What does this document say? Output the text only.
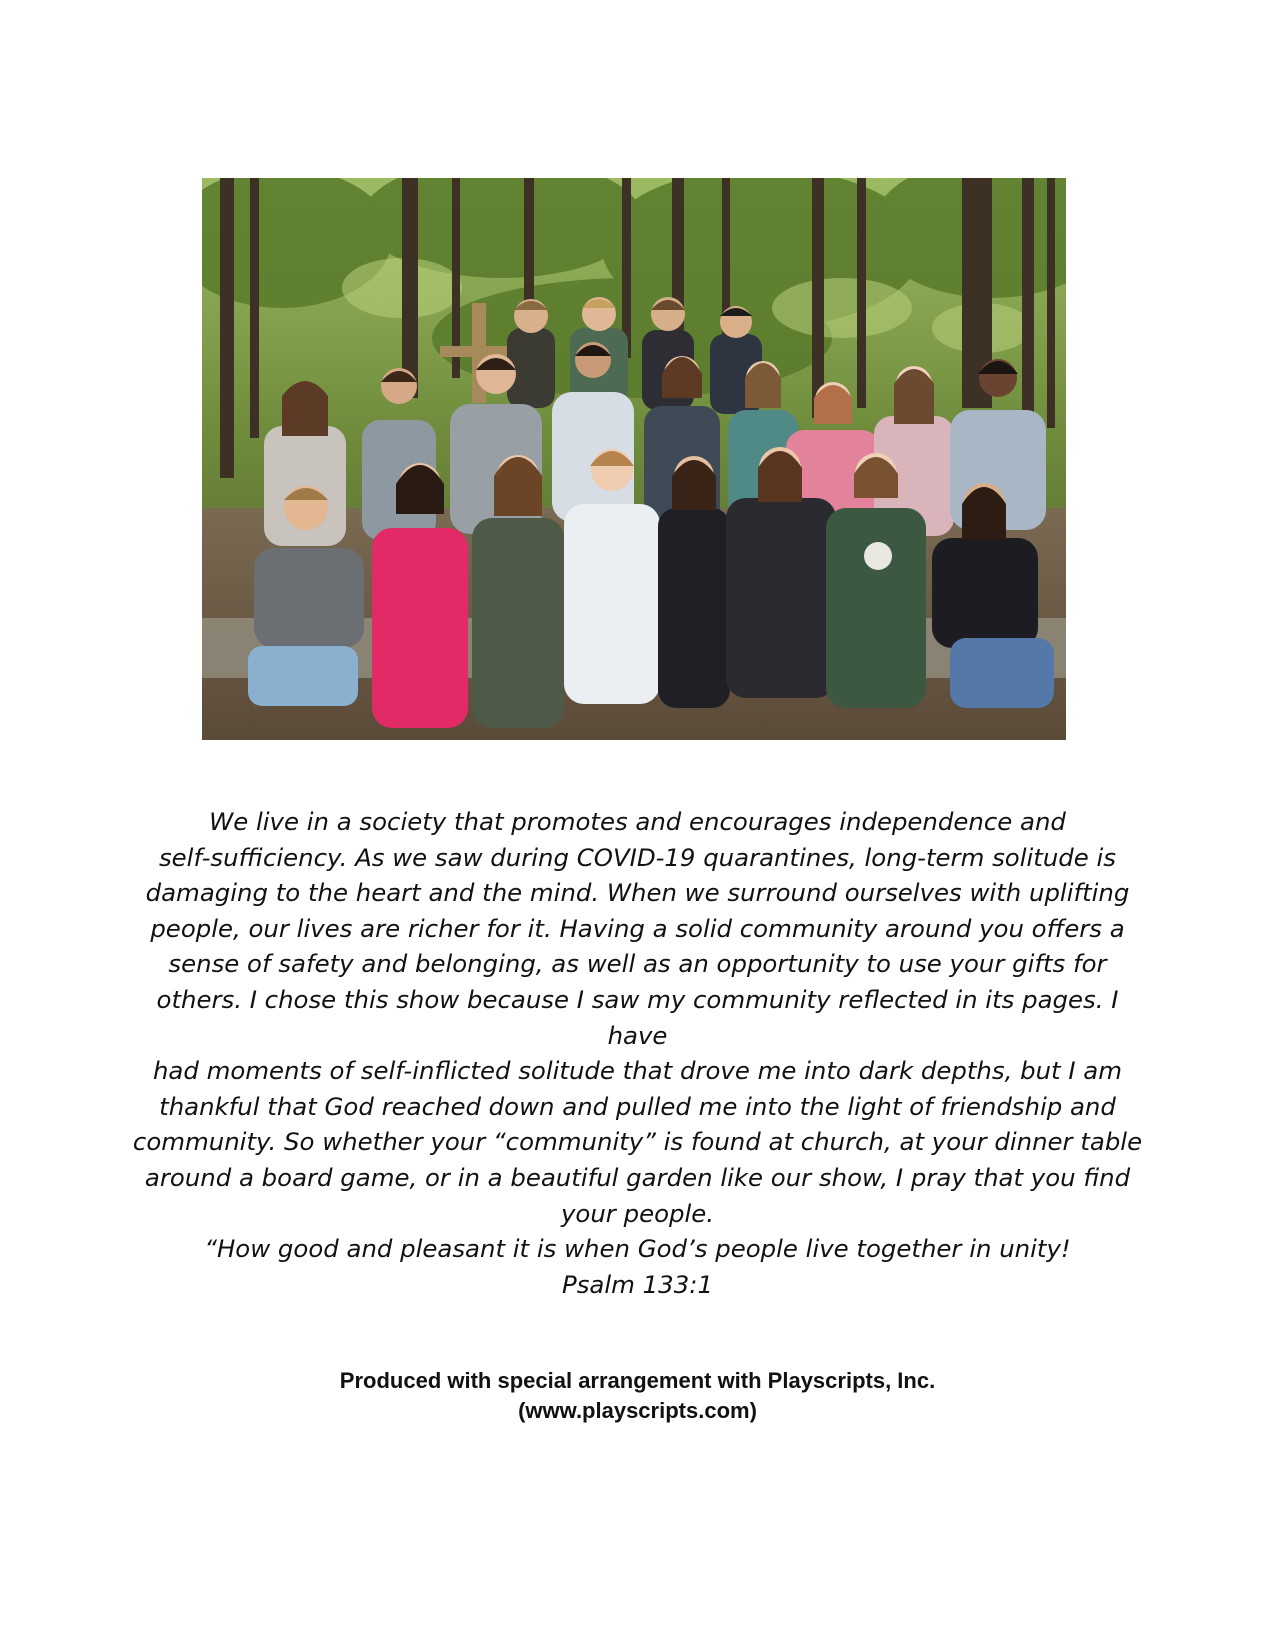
We live in a society that promotes and encourages independence and

self-sufficiency. As we saw during COVID-19 quarantines, long-term solitude is

damaging to the heart and the mind. When we surround ourselves with uplifting

people, our lives are richer for it. Having a solid community around you offers a

sense of safety and belonging, as well as an opportunity to use your gifts for

others. I chose this show because I saw my community reflected in its pages. I have

had moments of self-inflicted solitude that drove me into dark depths, but I am

thankful that God reached down and pulled me into the light of friendship and

community. So whether your “community” is found at church, at your dinner table

around a board game, or in a beautiful garden like our show, I pray that you find

your people.

“How good and pleasant it is when God’s people live together in unity!
Psalm 133:1
Produced with special arrangement with Playscripts, Inc.
(www.playscripts.com)
